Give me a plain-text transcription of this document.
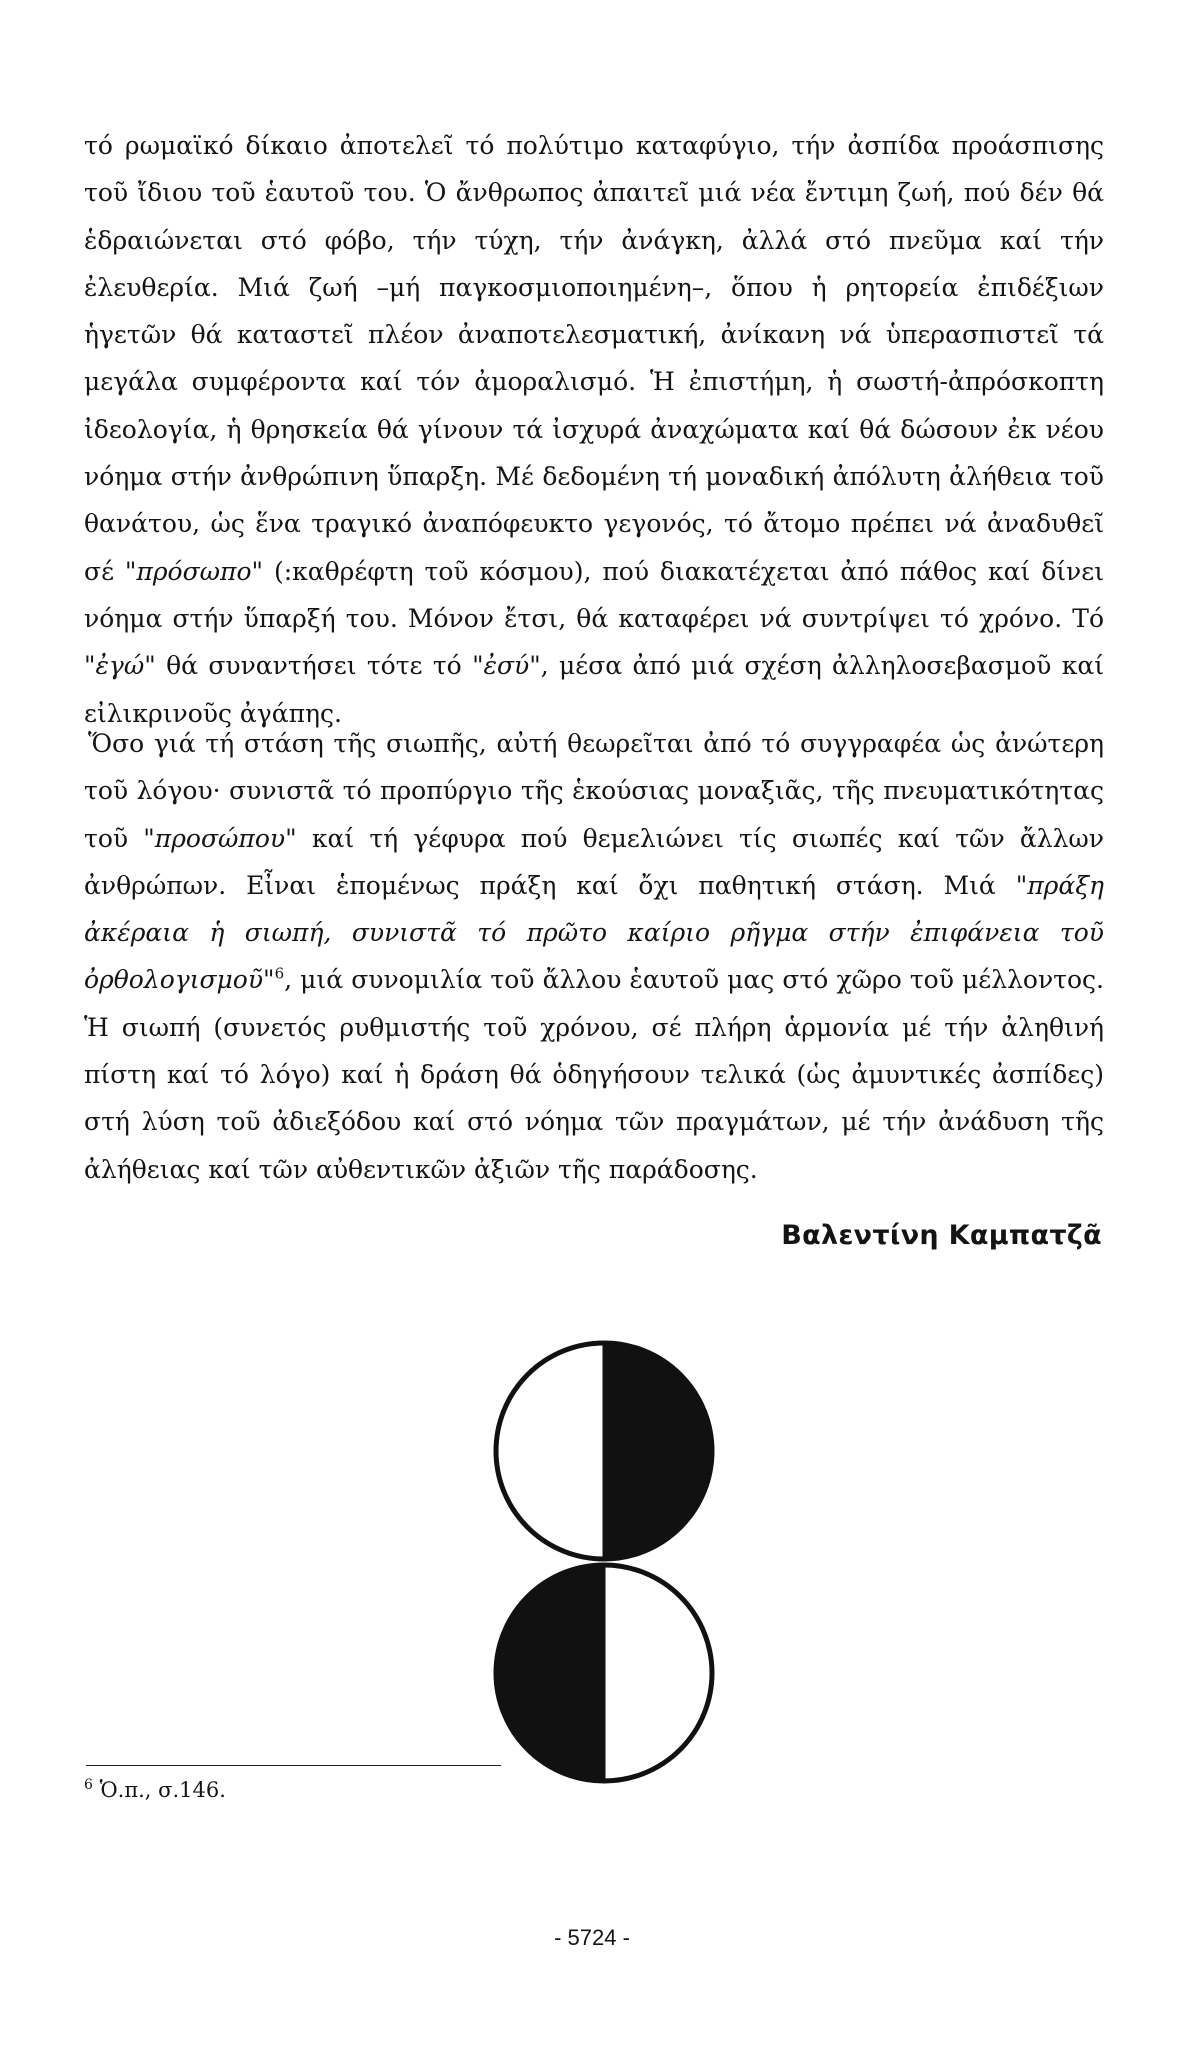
τό ρωμαϊκό δίκαιο ἀποτελεῖ τό πολύτιμο καταφύγιο, τήν ἀσπίδα προάσπισης τοῦ ἴδιου τοῦ ἑαυτοῦ του. Ὁ ἄνθρωπος ἀπαιτεῖ μιά νέα ἔντιμη ζωή, πού δέν θά ἑδραιώνεται στό φόβο, τήν τύχη, τήν ἀνάγκη, ἀλλά στό πνεῦμα καί τήν ἐλευθερία. Μιά ζωή –μή παγκοσμιοποιημένη–, ὅπου ἡ ρητορεία ἐπιδέξιων ἡγετῶν θά καταστεῖ πλέον ἀναποτελεσματική, ἀνίκανη νά ὑπερασπιστεῖ τά μεγάλα συμφέροντα καί τόν ἀμοραλισμό. Ἡ ἐπιστήμη, ἡ σωστή-ἀπρόσκοπτη ἰδεολογία, ἡ θρησκεία θά γίνουν τά ἰσχυρά ἀναχώματα καί θά δώσουν ἐκ νέου νόημα στήν ἀνθρώπινη ὕπαρξη. Μέ δεδομένη τή μοναδική ἀπόλυτη ἀλήθεια τοῦ θανάτου, ὡς ἕνα τραγικό ἀναπόφευκτο γεγονός, τό ἄτομο πρέπει νά ἀναδυθεῖ σέ "πρόσωπο" (:καθρέφτη τοῦ κόσμου), πού διακατέχεται ἀπό πάθος καί δίνει νόημα στήν ὕπαρξή του. Μόνον ἔτσι, θά καταφέρει νά συντρίψει τό χρόνο. Τό "ἐγώ" θά συναντήσει τότε τό "ἐσύ", μέσα ἀπό μιά σχέση ἀλληλοσεβασμοῦ καί εἰλικρινοῦς ἀγάπης.

Ὅσο γιά τή στάση τῆς σιωπῆς, αὐτή θεωρεῖται ἀπό τό συγγραφέα ὡς ἀνώτερη τοῦ λόγου· συνιστᾶ τό προπύργιο τῆς ἑκούσιας μοναξιᾶς, τῆς πνευματικότητας τοῦ "προσώπου" καί τή γέφυρα πού θεμελιώνει τίς σιωπές καί τῶν ἄλλων ἀνθρώπων. Εἶναι ἑπομένως πράξη καί ὄχι παθητική στάση. Μιά "πράξη ἀκέραια ἡ σιωπή, συνιστᾶ τό πρῶτο καίριο ρῆγμα στήν ἐπιφάνεια τοῦ ὀρθολογισμοῦ"$^6$, μιά συνομιλία τοῦ ἄλλου ἑαυτοῦ μας στό χῶρο τοῦ μέλλοντος. Ἡ σιωπή (συνετός ρυθμιστής τοῦ χρόνου, σέ πλήρη ἁρμονία μέ τήν ἀληθινή πίστη καί τό λόγο) καί ἡ δράση θά ὁδηγήσουν τελικά (ὡς ἀμυντικές ἀσπίδες) στή λύση τοῦ ἀδιεξόδου καί στό νόημα τῶν πραγμάτων, μέ τήν ἀνάδυση τῆς ἀλήθειας καί τῶν αὐθεντικῶν ἀξιῶν τῆς παράδοσης.

Βαλεντίνη Καμπατζᾶ
$^6$ Ὁ.π., σ.146.
- 5724 -
